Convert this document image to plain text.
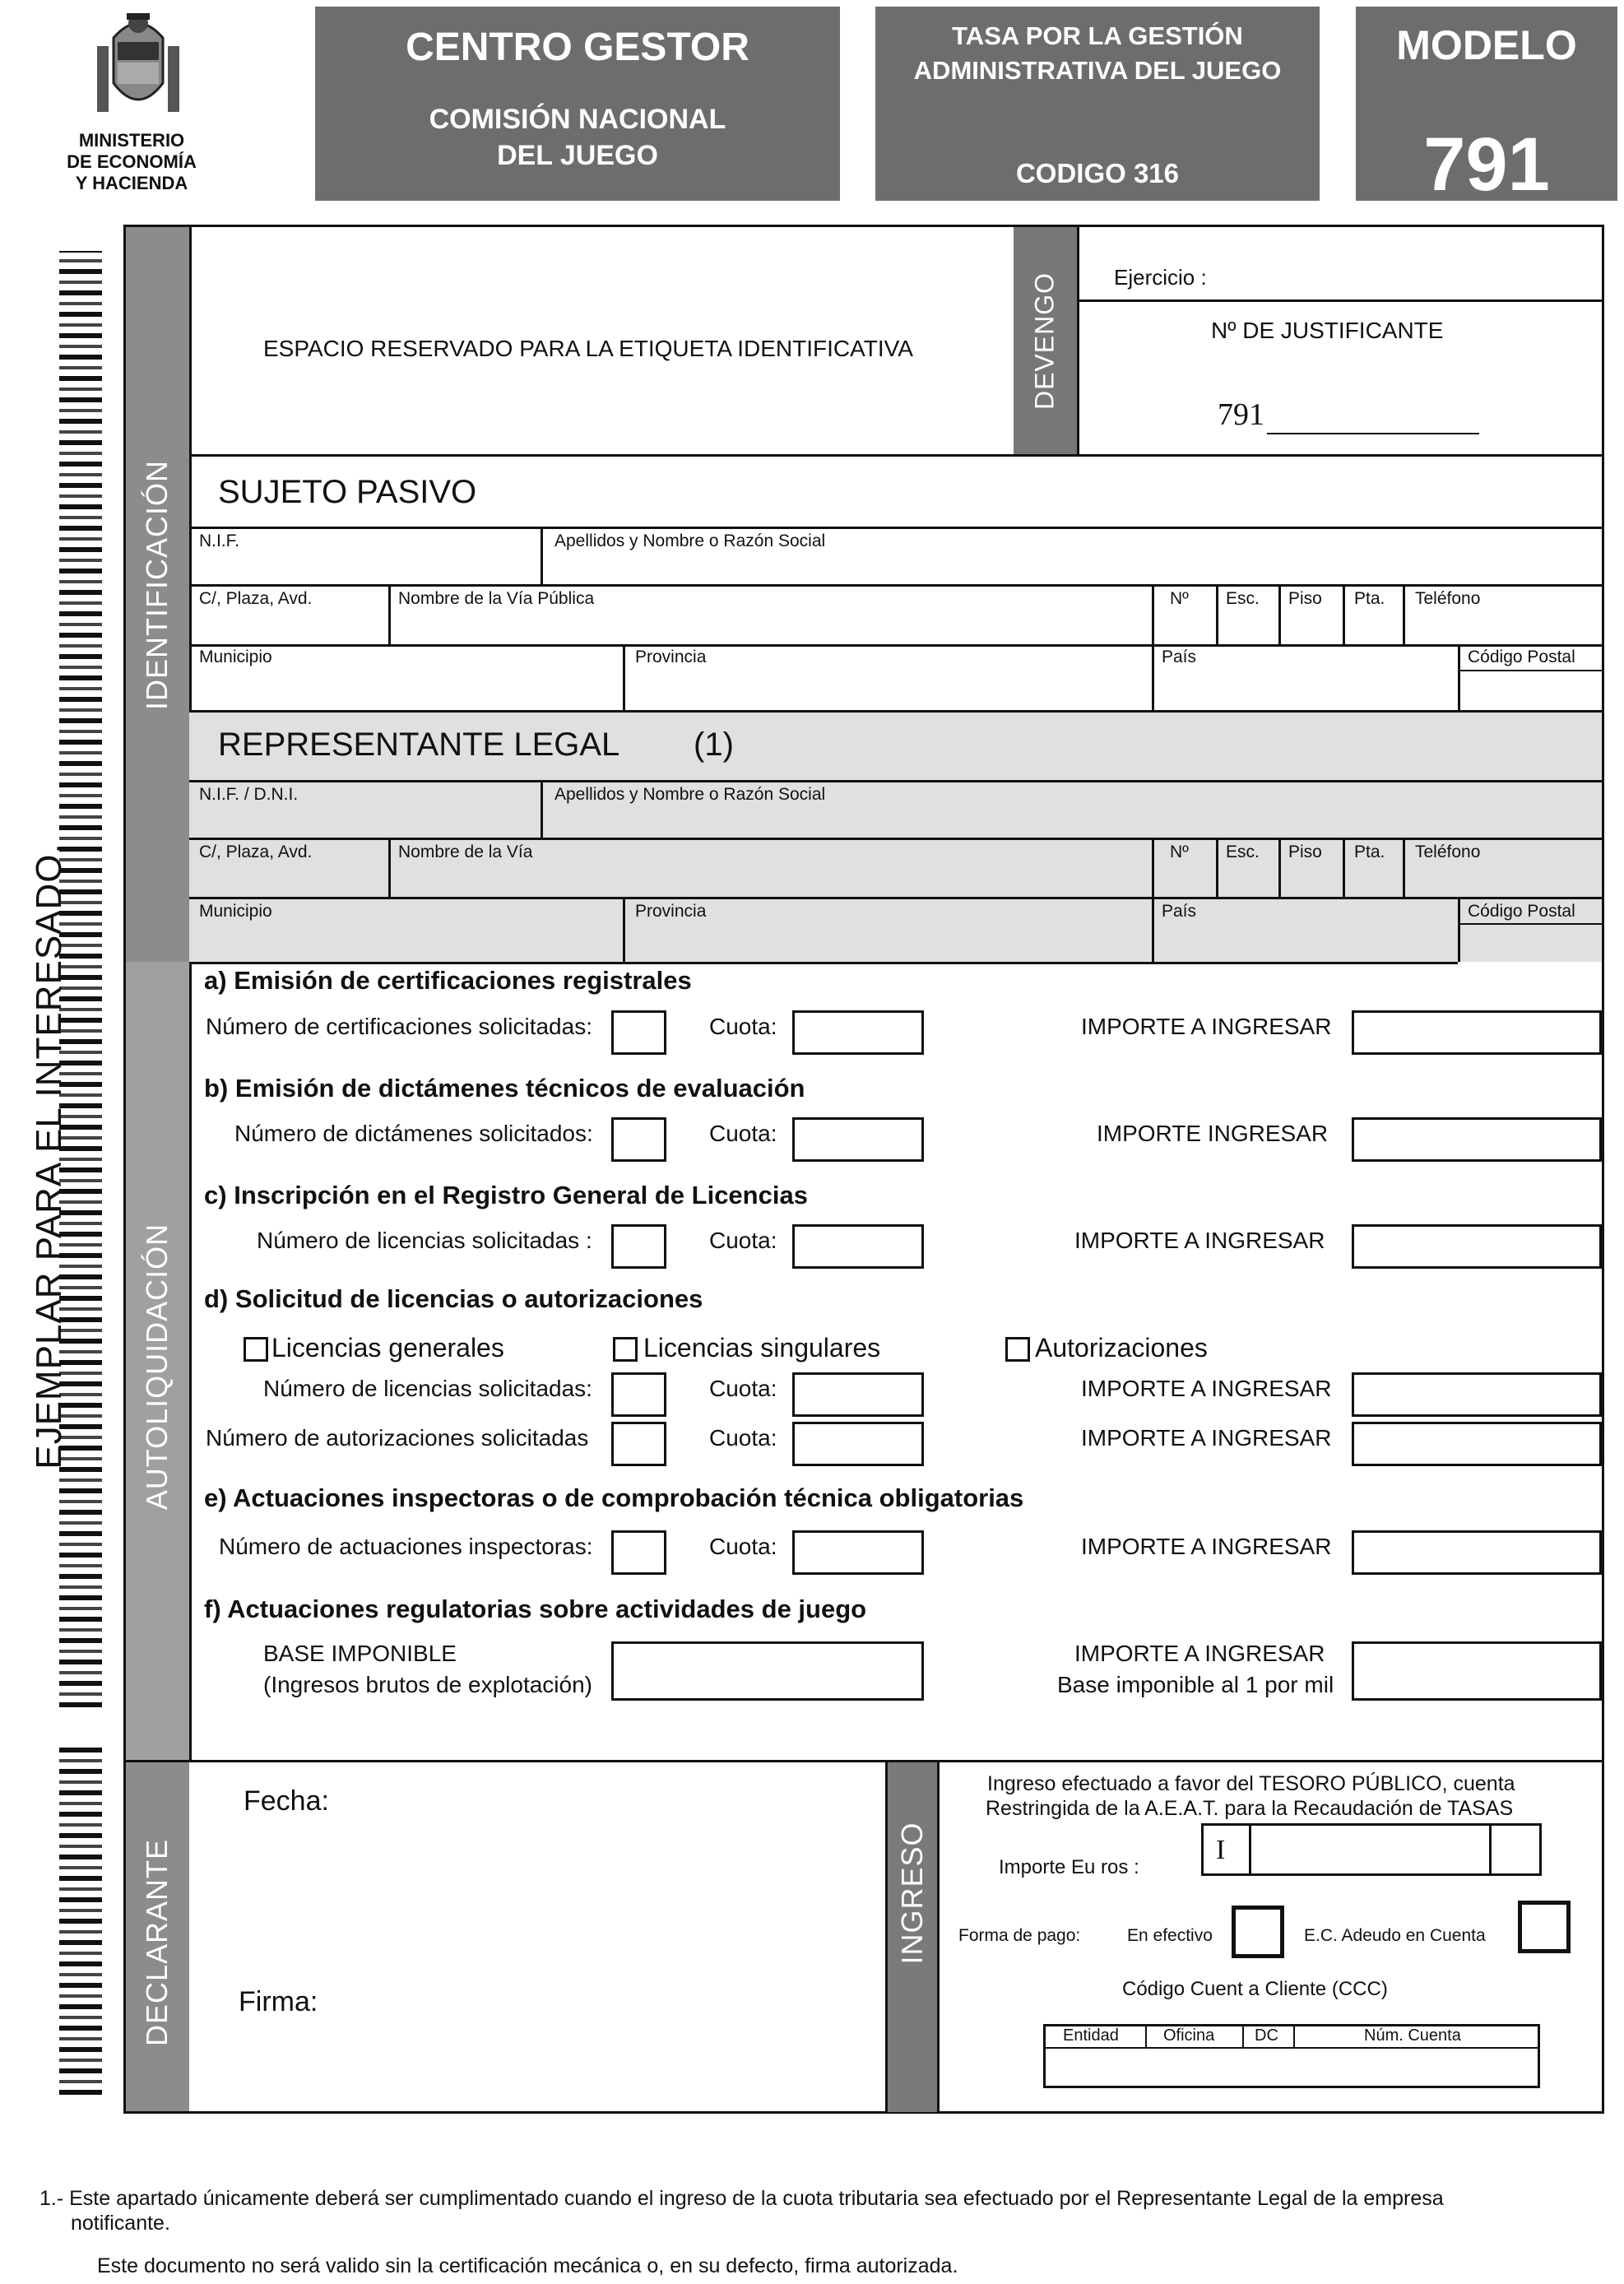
MINISTERIO
DE ECONOMÍA
Y HACIENDA
CENTRO GESTOR
COMISIÓN NACIONAL
DEL JUEGO
TASA POR LA GESTIÓN
ADMINISTRATIVA DEL JUEGO
CODIGO 316
MODELO
791
EJEMPLAR PARA EL INTERESADO.
IDENTIFICACIÓN
AUTOLIQUIDACIÓN
DECLARANTE
ESPACIO RESERVADO PARA LA ETIQUETA IDENTIFICATIVA	DEVENGO	Ejercicio :
Nº DE JUSTIFICANTE
791
SUJETO PASIVO
N.I.F.	Apellidos y Nombre o Razón Social
C/, Plaza, Avd.	Nombre de la Vía Pública	Nº Esc. Piso Pta. Teléfono
Municipio	Provincia	País	Código Postal
REPRESENTANTE LEGAL (1)
N.I.F. / D.N.I.	Apellidos y Nombre o Razón Social
C/, Plaza, Avd.	Nombre de la Vía	Nº Esc. Piso Pta. Teléfono
Municipio	Provincia	País	Código Postal
a) Emisión de certificaciones registrales
Número de certificaciones solicitadas:	Cuota:	IMPORTE A INGRESAR
b) Emisión de dictámenes técnicos de evaluación
Número de dictámenes solicitados:	Cuota:	IMPORTE INGRESAR
c) Inscripción en el Registro General de Licencias
Número de licencias solicitadas :	Cuota:	IMPORTE A INGRESAR
d) Solicitud de licencias o autorizaciones
Licencias generales	Licencias singulares	Autorizaciones
Número de licencias solicitadas:	Cuota:	IMPORTE A INGRESAR
Número de autorizaciones solicitadas	Cuota:	IMPORTE A INGRESAR
e) Actuaciones inspectoras o de comprobación técnica obligatorias
Número de actuaciones inspectoras:	Cuota:	IMPORTE A INGRESAR
f) Actuaciones regulatorias sobre actividades de juego
BASE IMPONIBLE
(Ingresos brutos de explotación)
IMPORTE A INGRESAR
Base imponible al 1 por mil
Fecha:
Firma:
INGRESO
Ingreso efectuado a favor del TESORO PÚBLICO, cuenta
Restringida de la A.E.A.T. para la Recaudación de TASAS
Importe Eu ros :
I
Forma de pago:	En efectivo	E.C. Adeudo en Cuenta
Código Cuent a Cliente (CCC)
Entidad	Oficina DC	Núm. Cuenta
1.- Este apartado únicamente deberá ser cumplimentado cuando el ingreso de la cuota tributaria sea efectuado por el Representante Legal de la empresa
notificante.
Este documento no será valido sin la certificación mecánica o, en su defecto, firma autorizada.
